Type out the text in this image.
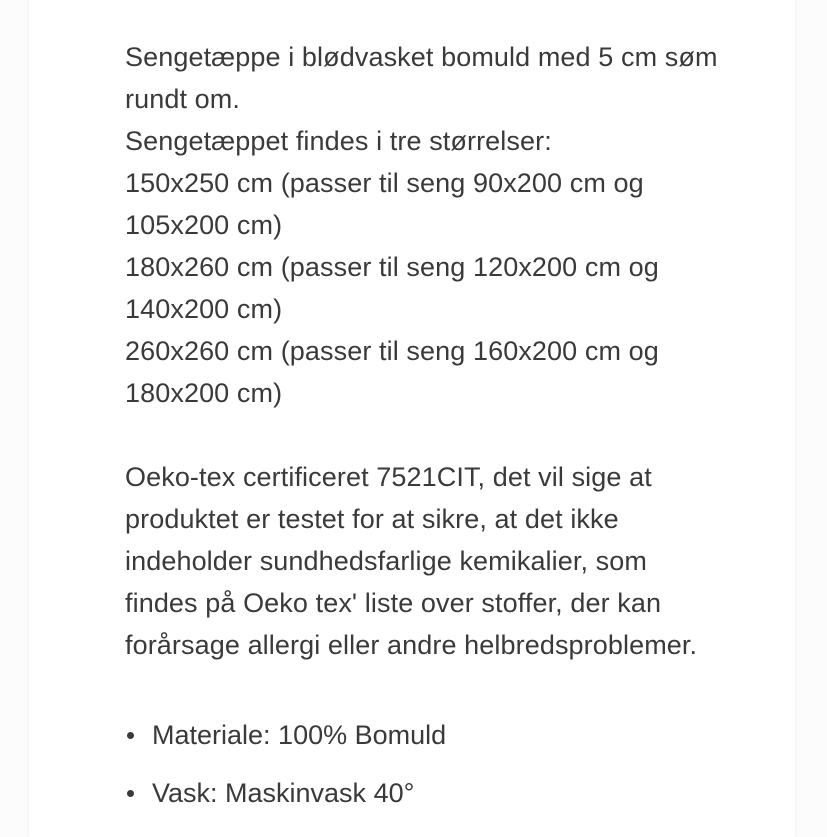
Sengetæppe i blødvasket bomuld med 5 cm søm
rundt om.
Sengetæppet findes i tre størrelser:
150x250 cm (passer til seng 90x200 cm og
105x200 cm)
180x260 cm (passer til seng 120x200 cm og
140x200 cm)
260x260 cm (passer til seng 160x200 cm og
180x200 cm)

Oeko-tex certificeret 7521CIT, det vil sige at
produktet er testet for at sikre, at det ikke
indeholder sundhedsfarlige kemikalier, som
findes på Oeko tex' liste over stoffer, der kan
forårsage allergi eller andre helbredsproblemer.

Materiale: 100% Bomuld
Vask: Maskinvask 40°
